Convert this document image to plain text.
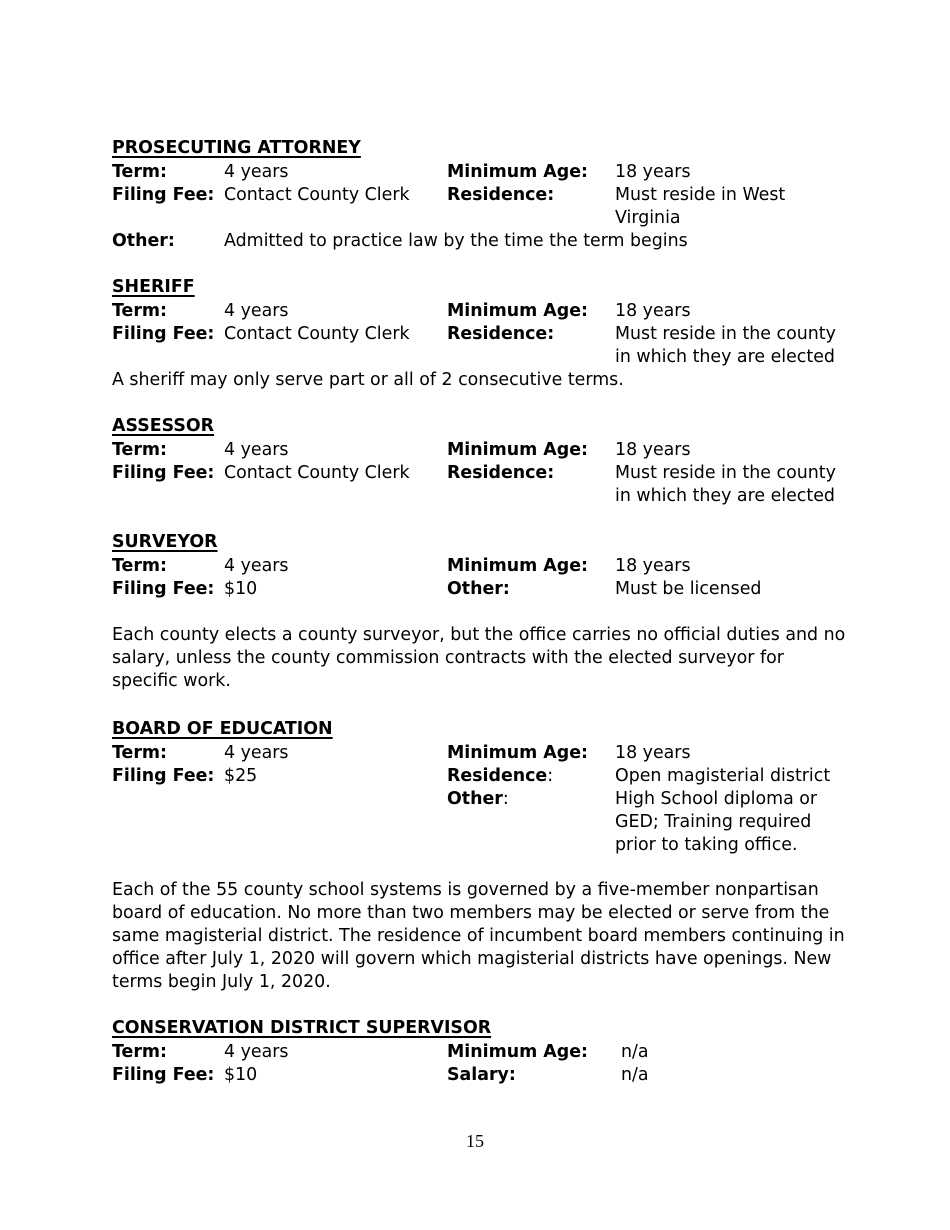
PROSECUTING ATTORNEY
Term:	4 years	Minimum Age: 18 years
Filing Fee: Contact County Clerk Residence:	Must reside in West
Virginia
Other:	Admitted to practice law by the time the term begins
SHERIFF
Term:	4 years	Minimum Age: 18 years
Filing Fee: Contact County Clerk Residence:	Must reside in the county
in which they are elected
A sheriff may only serve part or all of 2 consecutive terms.
ASSESSOR
Term:	4 years	Minimum Age: 18 years
Filing Fee: Contact County Clerk Residence:	Must reside in the county
in which they are elected
SURVEYOR
Term:	4 years	Minimum Age: 18 years
Filing Fee: $10	Other:	Must be licensed
Each county elects a county surveyor, but the office carries no official duties and no
salary, unless the county commission contracts with the elected surveyor for
specific work.
BOARD OF EDUCATION
Term:	4 years	Minimum Age: 18 years
Filing Fee: $25	Residence:	Open magisterial district
Other:	High School diploma or
GED; Training required
prior to taking office.
Each of the 55 county school systems is governed by a five-member nonpartisan
board of education. No more than two members may be elected or serve from the
same magisterial district. The residence of incumbent board members continuing in
office after July 1, 2020 will govern which magisterial districts have openings. New
terms begin July 1, 2020.
CONSERVATION DISTRICT SUPERVISOR
Term:	4 years	Minimum Age: n/a
Filing Fee: $10	Salary:	n/a
15
